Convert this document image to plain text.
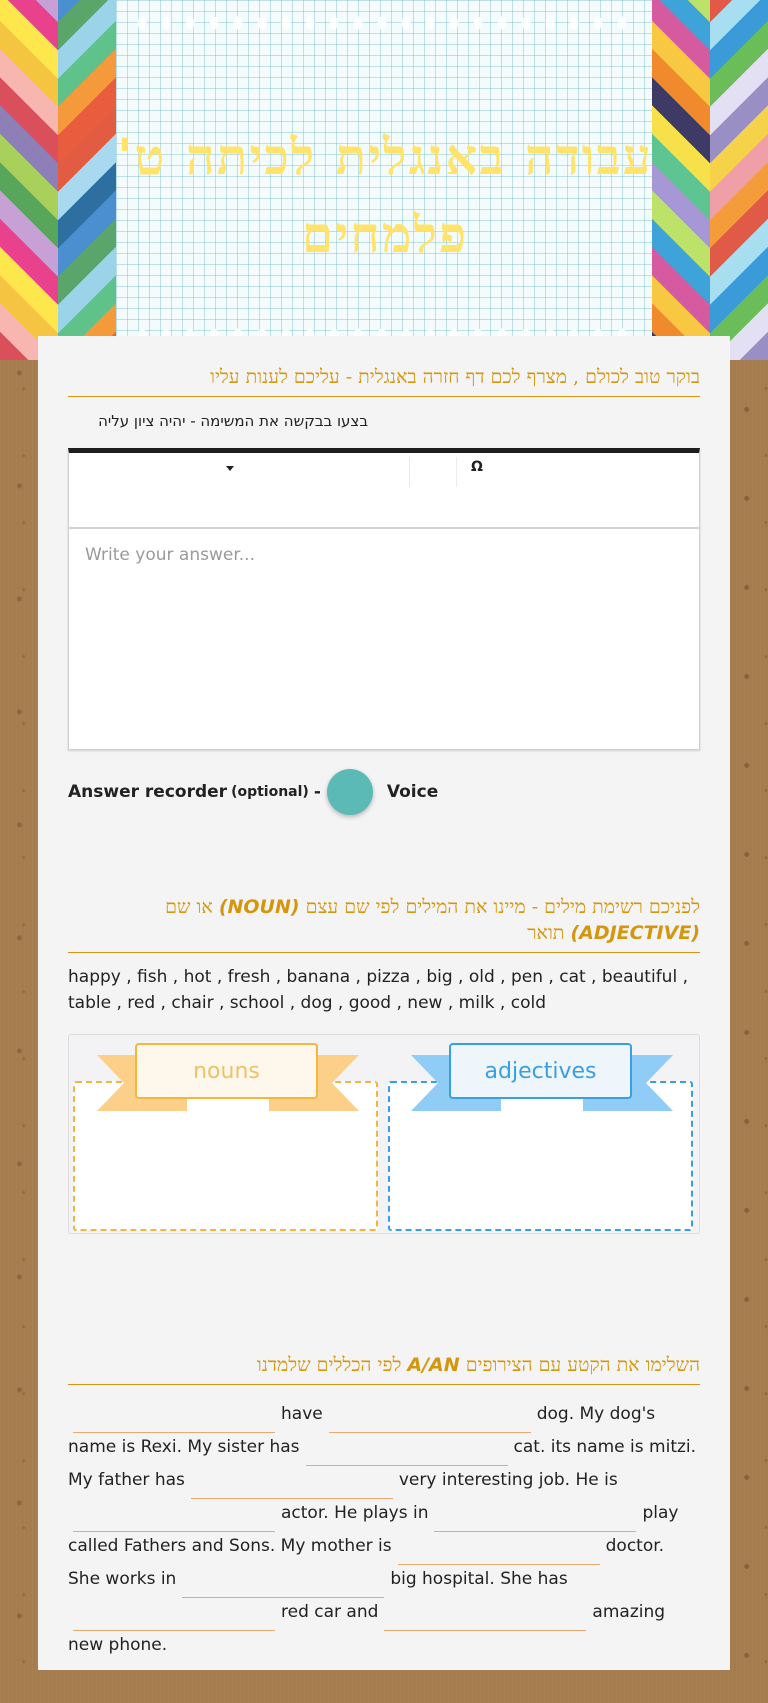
עבודה באנגלית לכיתה ט' פלמחים
בוקר טוב לכולם , מצרף לכם דף חזרה באנגלית - עליכם לענות עליו
בצעו בבקשה את המשימה - יהיה ציון עליה
Ω
Write your answer...
Answer recorder (optional) -	Voice
לפניכם רשימת מילים - מיינו את המילים לפי שם עצם (NOUN) או שם (ADJECTIVE) תואר
happy , fish , hot , fresh , banana , pizza , big , old , pen , cat , beautiful , table , red , chair , school , dog , good , new , milk , cold
nouns	adjectives
השלימו את הקטע עם הצירופים A/AN לפי הכללים שלמדנו
have	dog. My dog's name is Rexi. My sister has	cat. its name is mitzi. My father has	very interesting job. He is actor. He plays in	play called Fathers and Sons. My mother is	doctor. She works in	big hospital. She has red car and	amazing new phone.
